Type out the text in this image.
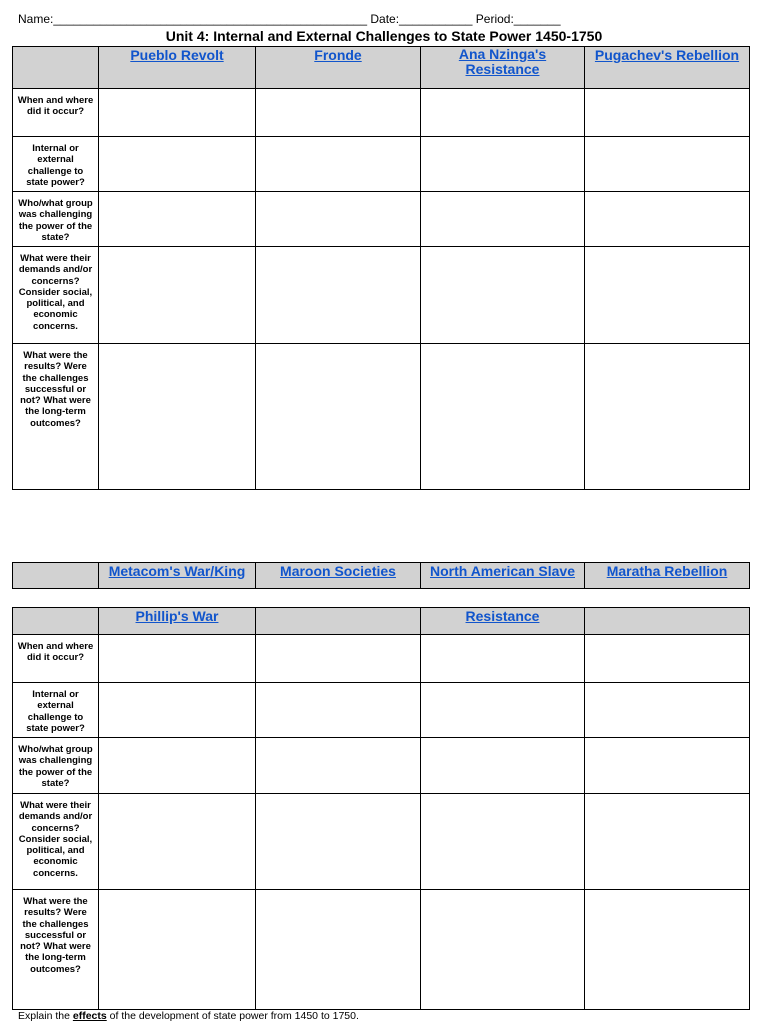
Name:_______________________________________________ Date:___________ Period:_______
Unit 4: Internal and External Challenges to State Power 1450-1750
	Pueblo Revolt	Fronde	Ana Nzinga's Resistance	Pugachev's Rebellion
When and where did it occur?				
Internal or external challenge to state power?				
Who/what group was challenging the power of the state?				
What were their demands and/or concerns? Consider social, political, and economic concerns.				
What were the results? Were the challenges successful or not? What were the long-term outcomes?				
	Metacom's War/King	Maroon Societies	North American Slave	Maratha Rebellion
	Phillip's War		Resistance	
When and where did it occur?				
Internal or external challenge to state power?				
Who/what group was challenging the power of the state?				
What were their demands and/or concerns? Consider social, political, and economic concerns.				
What were the results? Were the challenges successful or not? What were the long-term outcomes?				
Explain the effects of the development of state power from 1450 to 1750.
